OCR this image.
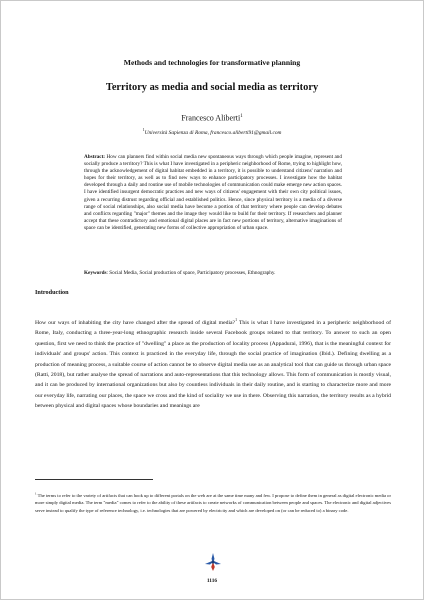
Methods and technologies for transformative planning
Territory as media and social media as territory
Francesco Aliberti$^1$
$^1$Università Sapienza di Roma, francesco.aliberti91@gmail.com
Abstract: How can planners find within social media new spontaneous ways through which people imagine, represent and socially produce a territory? This is what I have investigated in a peripheric neighborhood of Rome, trying to highlight how, through the acknowledgement of digital habitat embedded in a territory, it is possible to understand citizens' narration and hopes for their territory, as well as to find new ways to enhance participatory processes. I investigate how the habitat developed through a daily and routine use of mobile technologies of communication could make emerge new action spaces. I have identified insurgent democratic practices and new ways of citizens' engagement with their own city political issues, given a recurring distrust regarding official and established politics. Hence, since physical territory is a media of a diverse range of social relationships, also social media have become a portion of that territory where people can develop debates and conflicts regarding "major" themes and the image they would like to build for their territory. If researchers and planner accept that these contradictory and emotional digital places are in fact new portions of territory, alternative imaginations of space can be identified, generating new forms of collective appropriation of urban space.
Keywords: Social Media, Social production of space, Participatory processes, Ethnography.
Introduction
How our ways of inhabiting the city have changed after the spread of digital media?$^1$ This is what I have investigated in a peripheric neighborhood of Rome, Italy, conducting a three-year-long ethnographic research inside several Facebook groups related to that territory. To answer to such an open question, first we need to think the practice of "dwelling" a place as the production of locality process (Appadurai, 1996), that is the meaningful context for individuals' and groups' action. This context is practiced in the everyday life, through the social practice of imagination (Ibid.). Defining dwelling as a production of meaning process, a suitable course of action cannot be to observe digital media use as an analytical tool that can guide us through urban space (Ratti, 2018), but rather analyse the spread of narrations and auto-representations that this technology allows. This form of communication is mostly visual, and it can be produced by international organizations but also by countless individuals in their daily routine, and is starting to characterize more and more our everyday life, narrating our places, the space we cross and the kind of sociality we use in there. Observing this narration, the territory results as a hybrid between physical and digital spaces whose boundaries and meanings are
$^1$ The terms to refer to the variety of artifacts that can hook up to different portals on the web are at the same time many and few. I propose to define them in general as digital electronic media or more simply digital media. The term "media" comes to refer to the ability of these artifacts to create networks of communication between people and spaces. The electronic and digital adjectives serve instead to qualify the type of reference technology, i.e. technologies that are powered by electricity and which are developed on (or can be reduced to) a binary code.
1116
